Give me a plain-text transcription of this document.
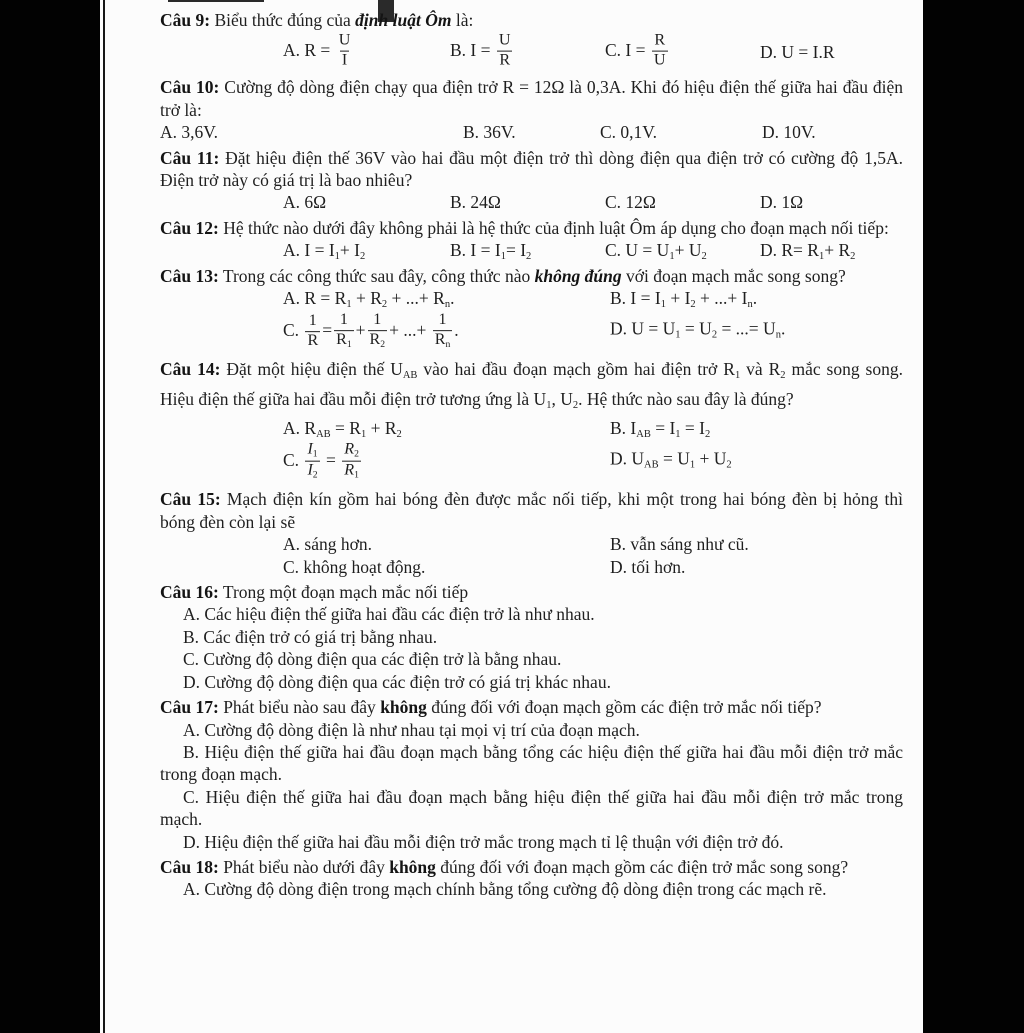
Câu 9: Biểu thức đúng của định luật Ôm là:

A. $R = \frac{U}{I}$	B. $I = \frac{U}{R}$	C. $I = \frac{R}{U}$	D. U = I.R

Câu 10: Cường độ dòng điện chạy qua điện trở R = 12Ω là 0,3A. Khi đó hiệu điện thế giữa hai đầu điện trở là:

A. 3,6V.	B. 36V.	C. 0,1V.	D. 10V.

Câu 11: Đặt hiệu điện thế 36V vào hai đầu một điện trở thì dòng điện qua điện trở có cường độ 1,5A. Điện trở này có giá trị là bao nhiêu?

A. 6Ω	B. 24Ω	C. 12Ω	D. 1Ω

Câu 12: Hệ thức nào dưới đây không phải là hệ thức của định luật Ôm áp dụng cho đoạn mạch nối tiếp:

A. I = I1+ I2	B. I = I1= I2	C. U = U1+ U2	D. R= R1+ R2

Câu 13: Trong các công thức sau đây, công thức nào không đúng với đoạn mạch mắc song song?

A. R = R1 + R2 + ...+ Rn.	B. I = I1 + I2 + ...+ In.
C. $\frac{1}{R} = \frac{1}{R1} + \frac{1}{R2}$ + ...+ $\frac{1}{Rn}$ .	D. U = U1 = U2 = ...= Un.

Câu 14: Đặt một hiệu điện thế UAB vào hai đầu đoạn mạch gồm hai điện trở R1 và R2 mắc song song. Hiệu điện thế giữa hai đầu mỗi điện trở tương ứng là U1, U2. Hệ thức nào sau đây là đúng?

A. RAB = R1 + R2	B. IAB = I1 = I2
C. $\frac{I1}{I2} = \frac{R2}{R1}$	D. UAB = U1 + U2

Câu 15: Mạch điện kín gồm hai bóng đèn được mắc nối tiếp, khi một trong hai bóng đèn bị hỏng thì bóng đèn còn lại sẽ

A. sáng hơn.	B. vẫn sáng như cũ.
C. không hoạt động.	D. tối hơn.

Câu 16: Trong một đoạn mạch mắc nối tiếp

A. Các hiệu điện thế giữa hai đầu các điện trở là như nhau.

B. Các điện trở có giá trị bằng nhau.

C. Cường độ dòng điện qua các điện trở là bằng nhau.

D. Cường độ dòng điện qua các điện trở có giá trị khác nhau.

Câu 17: Phát biểu nào sau đây không đúng đối với đoạn mạch gồm các điện trở mắc nối tiếp?

A. Cường độ dòng điện là như nhau tại mọi vị trí của đoạn mạch.

B. Hiệu điện thế giữa hai đầu đoạn mạch bằng tổng các hiệu điện thế giữa hai đầu mỗi điện trở mắc trong đoạn mạch.

C. Hiệu điện thế giữa hai đầu đoạn mạch bằng hiệu điện thế giữa hai đầu mỗi điện trở mắc trong mạch.

D. Hiệu điện thế giữa hai đầu mỗi điện trở mắc trong mạch tỉ lệ thuận với điện trở đó.

Câu 18: Phát biểu nào dưới đây không đúng đối với đoạn mạch gồm các điện trở mắc song song?

A. Cường độ dòng điện trong mạch chính bằng tổng cường độ dòng điện trong các mạch rẽ.
